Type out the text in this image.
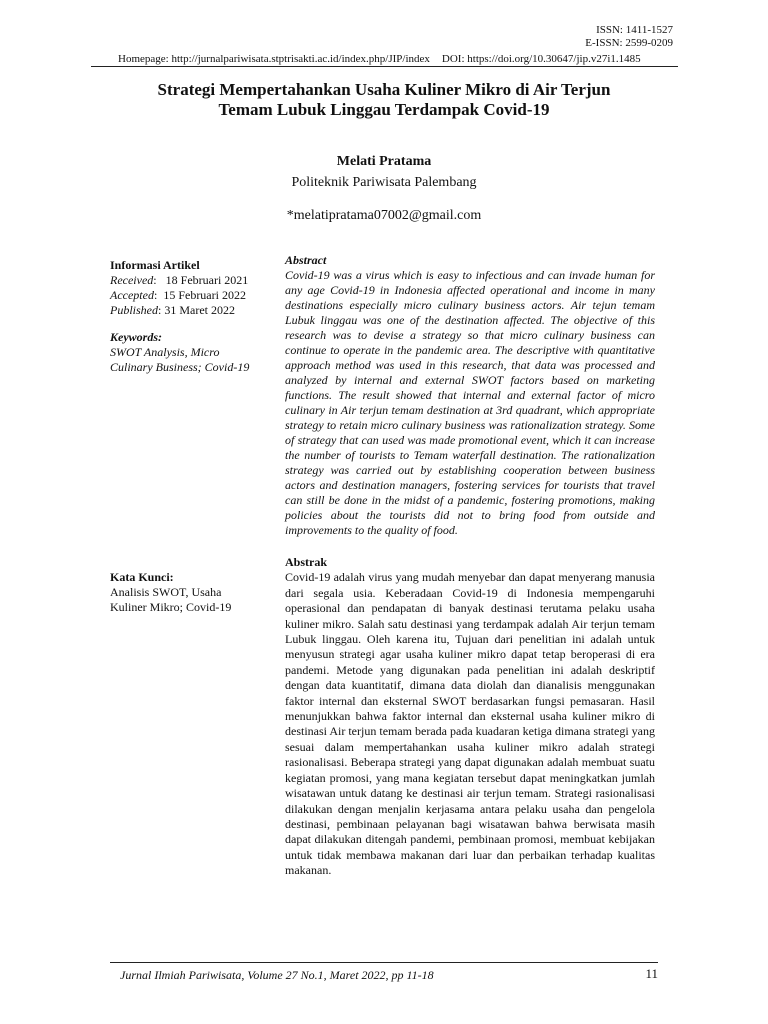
ISSN: 1411-1527
E-ISSN: 2599-0209
Homepage: http://jurnalpariwisata.stptrisakti.ac.id/index.php/JIP/index DOI: https://doi.org/10.30647/jip.v27i1.1485
Strategi Mempertahankan Usaha Kuliner Mikro di Air Terjun
Temam Lubuk Linggau Terdampak Covid-19
Melati Pratama
Politeknik Pariwisata Palembang
*melatipratama07002@gmail.com
Informasi Artikel
Received:   18 Februari 2021
Accepted:  15 Februari 2022
Published: 31 Maret 2022
Keywords:
SWOT Analysis, Micro
Culinary Business; Covid-19
Kata Kunci:
Analisis SWOT, Usaha
Kuliner Mikro; Covid-19
Abstract

Covid-19 was a virus which is easy to infectious and can invade human for any age Covid-19 in Indonesia affected operational and income in many destinations especially micro culinary business actors. Air tejun temam Lubuk linggau was one of the destination affected. The objective of this research was to devise a strategy so that micro culinary business can continue to operate in the pandemic area. The descriptive with quantitative approach method was used in this research, that data was processed and analyzed by internal and external SWOT factors based on marketing functions. The result showed that internal and external factor of micro culinary in Air terjun temam destination at 3rd quadrant, which appropriate strategy to retain micro culinary business was rationalization strategy. Some of strategy that can used was made promotional event, which it can increase the number of tourists to Temam waterfall destination. The rationalization strategy was carried out by establishing cooperation between business actors and destination managers, fostering services for tourists that travel can still be done in the midst of a pandemic, fostering promotions, making policies about the tourists did not to bring food from outside and improvements to the quality of food.

Abstrak

Covid-19 adalah virus yang mudah menyebar dan dapat menyerang manusia dari segala usia. Keberadaan Covid-19 di Indonesia mempengaruhi operasional dan pendapatan di banyak destinasi terutama pelaku usaha kuliner mikro. Salah satu destinasi yang terdampak adalah Air terjun temam Lubuk linggau. Oleh karena itu, Tujuan dari penelitian ini adalah untuk menyusun strategi agar usaha kuliner mikro dapat tetap beroperasi di era pandemi. Metode yang digunakan pada penelitian ini adalah deskriptif dengan data kuantitatif, dimana data diolah dan dianalisis menggunakan faktor internal dan eksternal SWOT berdasarkan fungsi pemasaran. Hasil menunjukkan bahwa faktor internal dan eksternal usaha kuliner mikro di destinasi Air terjun temam berada pada kuadaran ketiga dimana strategi yang sesuai dalam mempertahankan usaha kuliner mikro adalah strategi rasionalisasi. Beberapa strategi yang dapat digunakan adalah membuat suatu kegiatan promosi, yang mana kegiatan tersebut dapat meningkatkan jumlah wisatawan untuk datang ke destinasi air terjun temam. Strategi rasionalisasi dilakukan dengan menjalin kerjasama antara pelaku usaha dan pengelola destinasi, pembinaan pelayanan bagi wisatawan bahwa berwisata masih dapat dilakukan ditengah pandemi, pembinaan promosi, membuat kebijakan untuk tidak membawa makanan dari luar dan perbaikan terhadap kualitas makanan.

Jurnal Ilmiah Pariwisata, Volume 27 No.1, Maret 2022, pp 11-18	11
